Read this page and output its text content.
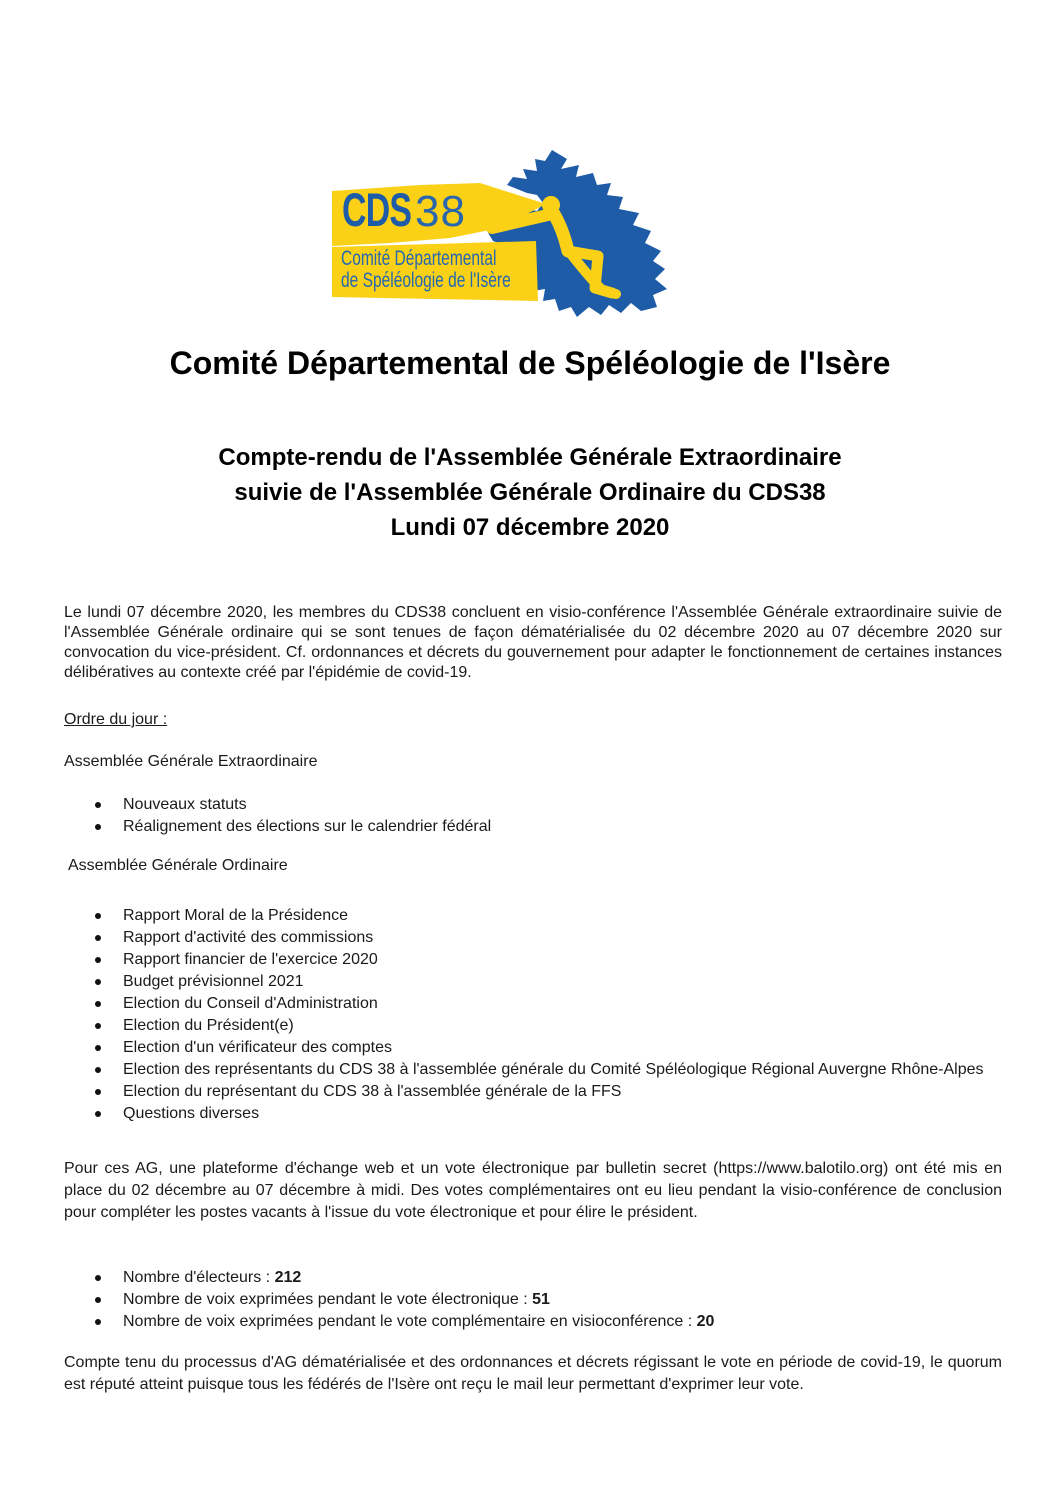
CDS 38
Comité Départemental
de Spéléologie de l'Isère
Comité Départemental de Spéléologie de l'Isère
Compte-rendu de l'Assemblée Générale Extraordinaire
suivie de l'Assemblée Générale Ordinaire du CDS38
Lundi 07 décembre 2020
Le lundi 07 décembre 2020, les membres du CDS38 concluent en visio-conférence l'Assemblée Générale extraordinaire suivie de l'Assemblée Générale ordinaire qui se sont tenues de façon dématérialisée du 02 décembre 2020 au 07 décembre 2020 sur convocation du vice-président. Cf. ordonnances et décrets du gouvernement pour adapter le fonctionnement de certaines instances délibératives au contexte créé par l'épidémie de covid-19.
Ordre du jour :
Assemblée Générale Extraordinaire
Nouveaux statuts
Réalignement des élections sur le calendrier fédéral
Assemblée Générale Ordinaire
Rapport Moral de la Présidence
Rapport d'activité des commissions
Rapport financier de l'exercice 2020
Budget prévisionnel 2021
Election du Conseil d'Administration
Election du Président(e)
Election d'un vérificateur des comptes
Election des représentants du CDS 38 à l'assemblée générale du Comité Spéléologique Régional Auvergne Rhône-Alpes
Election du représentant du CDS 38 à l'assemblée générale de la FFS
Questions diverses
Pour ces AG, une plateforme d'échange web et un vote électronique par bulletin secret (https://www.balotilo.org) ont été mis en place du 02 décembre au 07 décembre à midi. Des votes complémentaires ont eu lieu pendant la visio-conférence de conclusion pour compléter les postes vacants à l'issue du vote électronique et pour élire le président.
Nombre d'électeurs : 212
Nombre de voix exprimées pendant le vote électronique : 51
Nombre de voix exprimées pendant le vote complémentaire en visioconférence : 20
Compte tenu du processus d'AG dématérialisée et des ordonnances et décrets régissant le vote en période de covid-19, le quorum est réputé atteint puisque tous les fédérés de l'Isère ont reçu le mail leur permettant d'exprimer leur vote.
